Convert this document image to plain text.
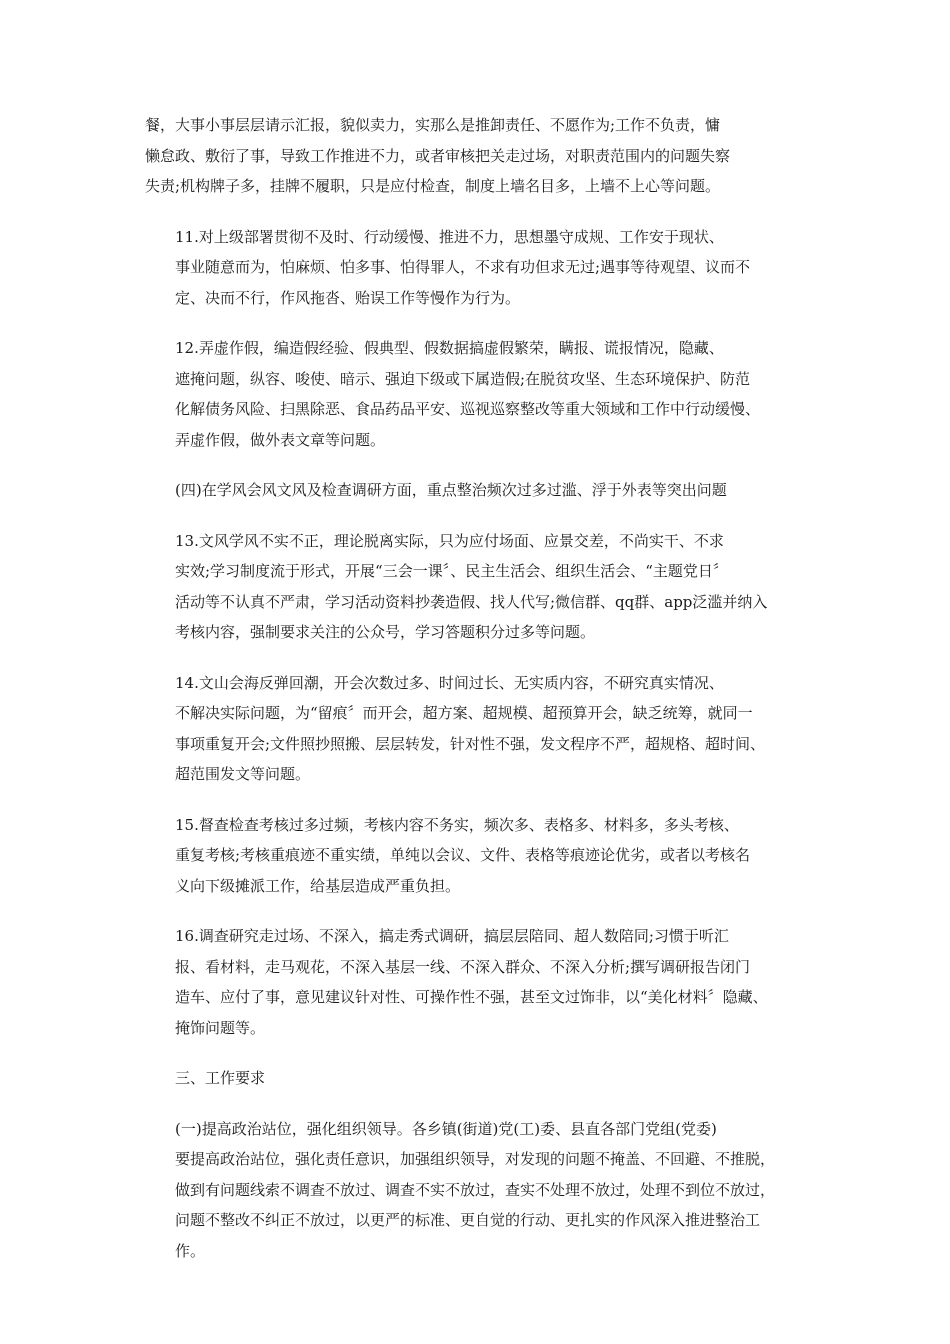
餐，大事小事层层请示汇报，貌似卖力，实那么是推卸责任、不愿作为;工作不负责，慵
懒怠政、敷衍了事，导致工作推进不力，或者审核把关走过场，对职责范围内的问题失察
失责;机构牌子多，挂牌不履职，只是应付检查，制度上墙名目多，上墙不上心等问题。

11.对上级部署贯彻不及时、行动缓慢、推进不力，思想墨守成规、工作安于现状、
事业随意而为，怕麻烦、怕多事、怕得罪人，不求有功但求无过;遇事等待观望、议而不
定、决而不行，作风拖沓、贻误工作等慢作为行为。

12.弄虚作假，编造假经验、假典型、假数据搞虚假繁荣，瞒报、谎报情况，隐藏、
遮掩问题，纵容、唆使、暗示、强迫下级或下属造假;在脱贫攻坚、生态环境保护、防范
化解债务风险、扫黑除恶、食品药品平安、巡视巡察整改等重大领域和工作中行动缓慢、
弄虚作假，做外表文章等问题。

(四)在学风会风文风及检查调研方面，重点整治频次过多过滥、浮于外表等突出问题

13.文风学风不实不正，理论脱离实际，只为应付场面、应景交差，不尚实干、不求
实效;学习制度流于形式，开展“三会一课〞、民主生活会、组织生活会、“主题党日〞
活动等不认真不严肃，学习活动资料抄袭造假、找人代写;微信群、qq群、app泛滥并纳入
考核内容，强制要求关注的公众号，学习答题积分过多等问题。

14.文山会海反弹回潮，开会次数过多、时间过长、无实质内容，不研究真实情况、
不解决实际问题，为“留痕〞而开会，超方案、超规模、超预算开会，缺乏统筹，就同一
事项重复开会;文件照抄照搬、层层转发，针对性不强，发文程序不严，超规格、超时间、
超范围发文等问题。

15.督查检查考核过多过频，考核内容不务实，频次多、表格多、材料多，多头考核、
重复考核;考核重痕迹不重实绩，单纯以会议、文件、表格等痕迹论优劣，或者以考核名
义向下级摊派工作，给基层造成严重负担。

16.调查研究走过场、不深入，搞走秀式调研，搞层层陪同、超人数陪同;习惯于听汇
报、看材料，走马观花，不深入基层一线、不深入群众、不深入分析;撰写调研报告闭门
造车、应付了事，意见建议针对性、可操作性不强，甚至文过饰非，以“美化材料〞隐藏、
掩饰问题等。

三、工作要求

(一)提高政治站位，强化组织领导。各乡镇(街道)党(工)委、县直各部门党组(党委)
要提高政治站位，强化责任意识，加强组织领导，对发现的问题不掩盖、不回避、不推脱，
做到有问题线索不调查不放过、调查不实不放过，查实不处理不放过，处理不到位不放过，
问题不整改不纠正不放过，以更严的标准、更自觉的行动、更扎实的作风深入推进整治工
作。
